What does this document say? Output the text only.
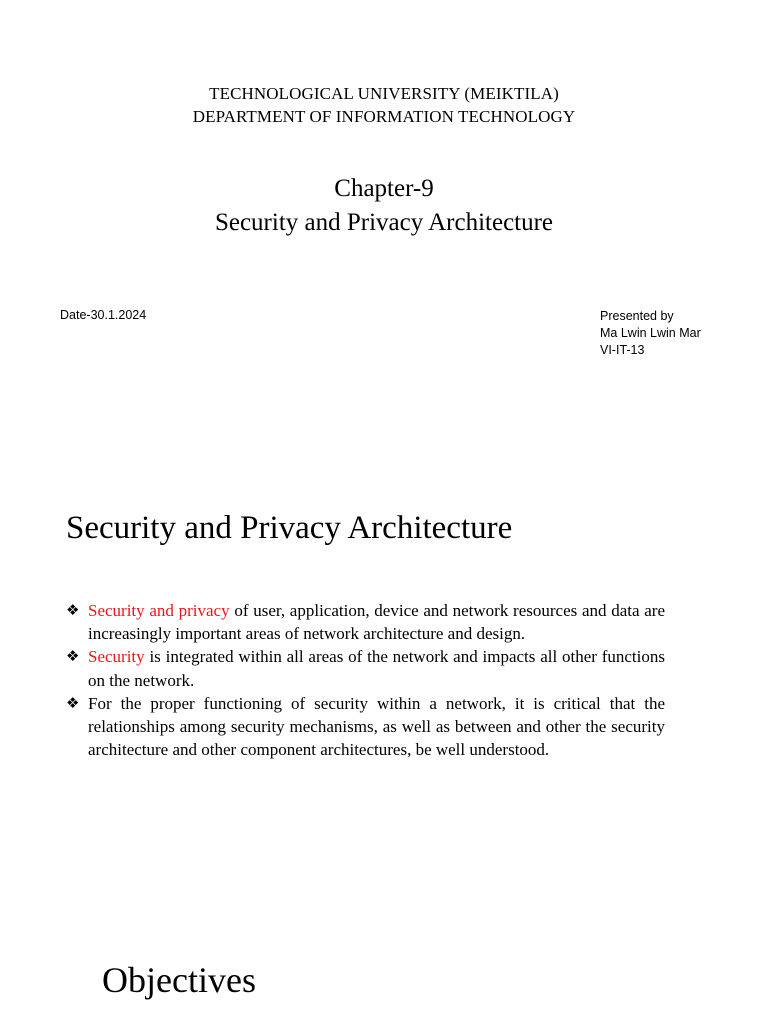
TECHNOLOGICAL UNIVERSITY (MEIKTILA)
DEPARTMENT OF INFORMATION TECHNOLOGY
Chapter-9
Security and Privacy Architecture
Date-30.1.2024	Presented by
Ma Lwin Lwin Mar
VI-IT-13
Security and Privacy Architecture
❖ Security and privacy of user, application, device and network resources and data are increasingly important areas of network architecture and design.
❖ Security is integrated within all areas of the network and impacts all other functions on the network.
❖ For the proper functioning of security within a network, it is critical that the relationships among security mechanisms, as well as between and other the security architecture and other component architectures, be well understood.
Objectives
